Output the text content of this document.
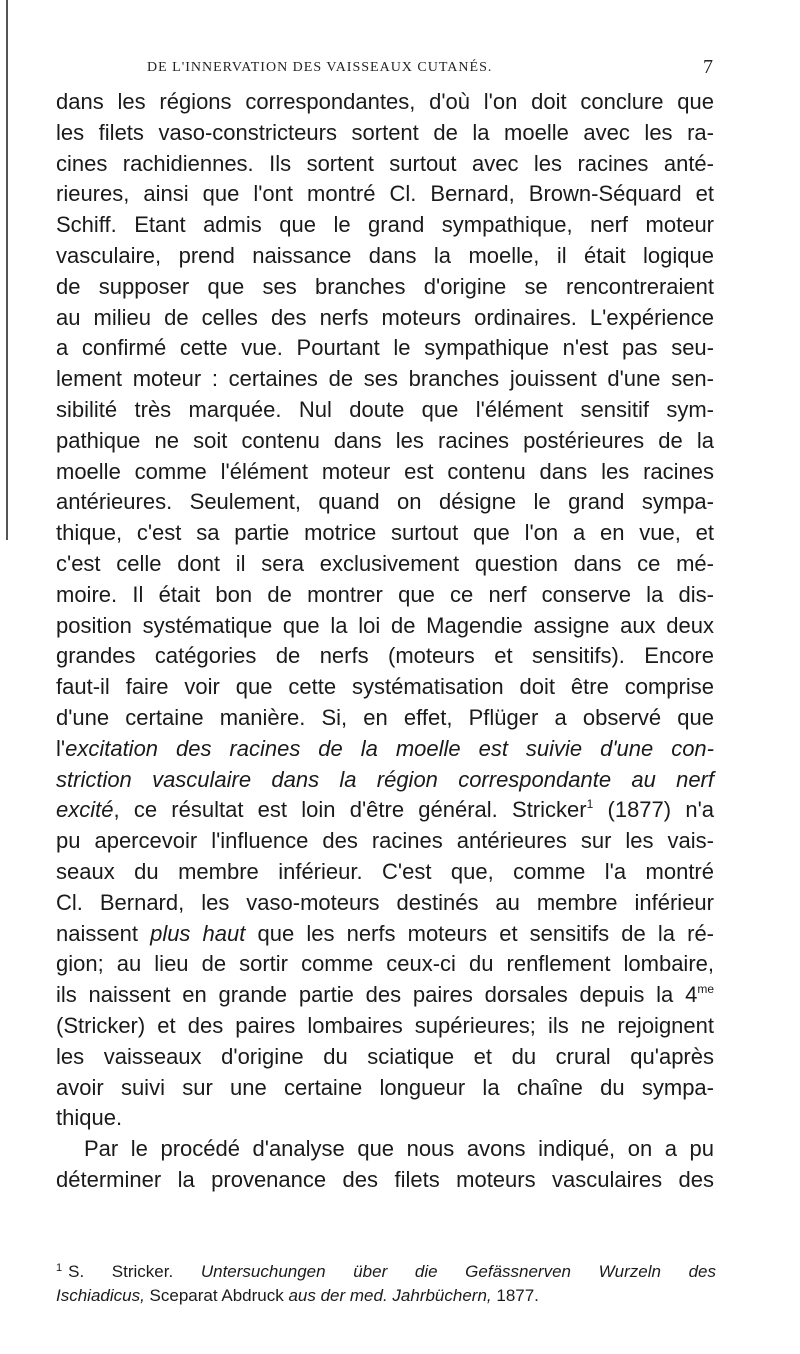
DE L'INNERVATION DES VAISSEAUX CUTANÉS.	7
dans les régions correspondantes, d'où l'on doit conclure que
les filets vaso-constricteurs sortent de la moelle avec les ra-
cines rachidiennes. Ils sortent surtout avec les racines anté-
rieures, ainsi que l'ont montré Cl. Bernard, Brown-Séquard et
Schiff. Etant admis que le grand sympathique, nerf moteur
vasculaire, prend naissance dans la moelle, il était logique
de supposer que ses branches d'origine se rencontreraient
au milieu de celles des nerfs moteurs ordinaires. L'expérience
a confirmé cette vue. Pourtant le sympathique n'est pas seu-
lement moteur : certaines de ses branches jouissent d'une sen-
sibilité très marquée. Nul doute que l'élément sensitif sym-
pathique ne soit contenu dans les racines postérieures de la
moelle comme l'élément moteur est contenu dans les racines
antérieures. Seulement, quand on désigne le grand sympa-
thique, c'est sa partie motrice surtout que l'on a en vue, et
c'est celle dont il sera exclusivement question dans ce mé-
moire. Il était bon de montrer que ce nerf conserve la dis-
position systématique que la loi de Magendie assigne aux deux
grandes catégories de nerfs (moteurs et sensitifs). Encore
faut-il faire voir que cette systématisation doit être comprise
d'une certaine manière. Si, en effet, Pflüger a observé que
l'excitation des racines de la moelle est suivie d'une con-
striction vasculaire dans la région correspondante au nerf
excité, ce résultat est loin d'être général. Stricker$^1$ (1877) n'a
pu apercevoir l'influence des racines antérieures sur les vais-
seaux du membre inférieur. C'est que, comme l'a montré
Cl. Bernard, les vaso-moteurs destinés au membre inférieur
naissent plus haut que les nerfs moteurs et sensitifs de la ré-
gion; au lieu de sortir comme ceux-ci du renflement lombaire,
ils naissent en grande partie des paires dorsales depuis la $4^{me}$
(Stricker) et des paires lombaires supérieures; ils ne rejoignent
les vaisseaux d'origine du sciatique et du crural qu'après
avoir suivi sur une certaine longueur la chaîne du sympa-
thique.
Par le procédé d'analyse que nous avons indiqué, on a pu
déterminer la provenance des filets moteurs vasculaires des
$^1$ S. Stricker. Untersuchungen über die Gefässnerven Wurzeln des
Ischiadicus, Sceparat Abdruck aus der med. Jahrbüchern, 1877.
